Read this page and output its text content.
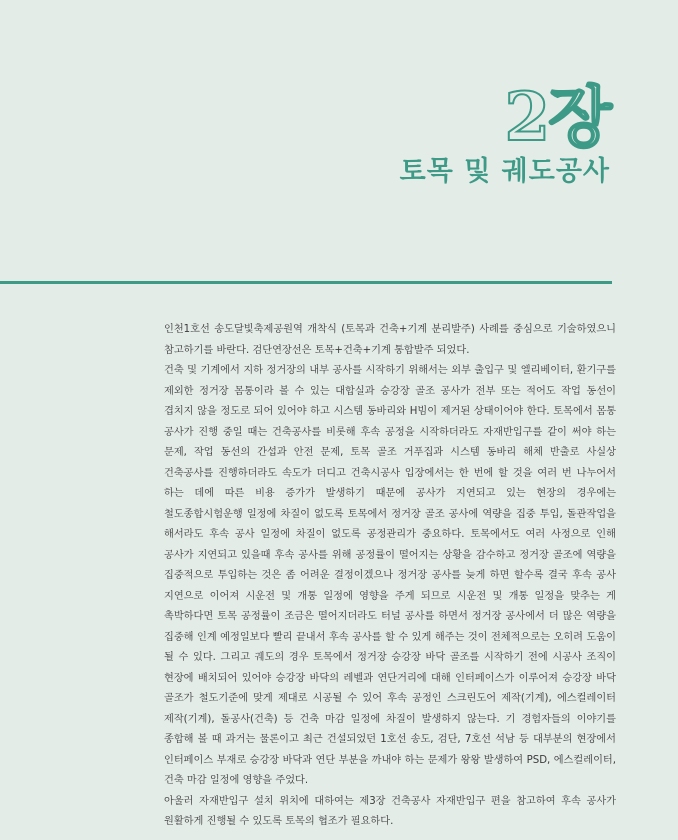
2장
토목 및 궤도공사

인천1호선 송도달빛축제공원역 개착식 (토목과 건축+기계 분리발주) 사례를 중심으로 기술하였으니 참고하기를 바란다. 검단연장선은 토목+건축+기계 통합발주 되었다.

건축 및 기계에서 지하 정거장의 내부 공사를 시작하기 위해서는 외부 출입구 및 엘리베이터, 환기구를 제외한 정거장 몸통이라 볼 수 있는 대합실과 승강장 골조 공사가 전부 또는 적어도 작업 동선이 겹치지 않을 정도로 되어 있어야 하고 시스템 동바리와 H빔이 제거된 상태이어야 한다. 토목에서 몸통 공사가 진행 중일 때는 건축공사를 비롯해 후속 공정을 시작하더라도 자재반입구를 같이 써야 하는 문제, 작업 동선의 간섭과 안전 문제, 토목 골조 거푸집과 시스템 동바리 해체 반출로 사실상 건축공사를 진행하더라도 속도가 더디고 건축시공사 입장에서는 한 번에 할 것을 여러 번 나누어서 하는 데에 따른 비용 증가가 발생하기 때문에 공사가 지연되고 있는 현장의 경우에는 철도종합시험운행 일정에 차질이 없도록 토목에서 정거장 골조 공사에 역량을 집중 투입, 돌관작업을 해서라도 후속 공사 일정에 차질이 없도록 공정관리가 중요하다. 토목에서도 여러 사정으로 인해 공사가 지연되고 있을때 후속 공사를 위해 공정률이 떨어지는 상황을 감수하고 정거장 골조에 역량을 집중적으로 투입하는 것은 좀 어려운 결정이겠으나 정거장 공사를 늦게 하면 할수록 결국 후속 공사 지연으로 이어져 시운전 및 개통 일정에 영향을 주게 되므로 시운전 및 개통 일정을 맞추는 게 촉박하다면 토목 공정률이 조금은 떨어지더라도 터널 공사를 하면서 정거장 공사에서 더 많은 역량을 집중해 인계 예정일보다 빨리 끝내서 후속 공사를 할 수 있게 해주는 것이 전체적으로는 오히려 도움이 될 수 있다. 그리고 궤도의 경우 토목에서 정거장 승강장 바닥 골조를 시작하기 전에 시공사 조직이 현장에 배치되어 있어야 승강장 바닥의 레벨과 연단거리에 대해 인터페이스가 이루어져 승강장 바닥 골조가 철도기준에 맞게 제대로 시공될 수 있어 후속 공정인 스크린도어 제작(기계), 에스컬레이터 제작(기계), 돌공사(건축) 등 건축 마감 일정에 차질이 발생하지 않는다. 기 경험자들의 이야기를 종합해 볼 때 과거는 물론이고 최근 건설되었던 1호선 송도, 검단, 7호선 석남 등 대부분의 현장에서 인터페이스 부재로 승강장 바닥과 연단 부분을 까내야 하는 문제가 왕왕 발생하여 PSD, 에스컬레이터, 건축 마감 일정에 영향을 주었다.

아울러 자재반입구 설치 위치에 대하여는 제3장 건축공사 자재반입구 편을 참고하여 후속 공사가 원활하게 진행될 수 있도록 토목의 협조가 필요하다.
